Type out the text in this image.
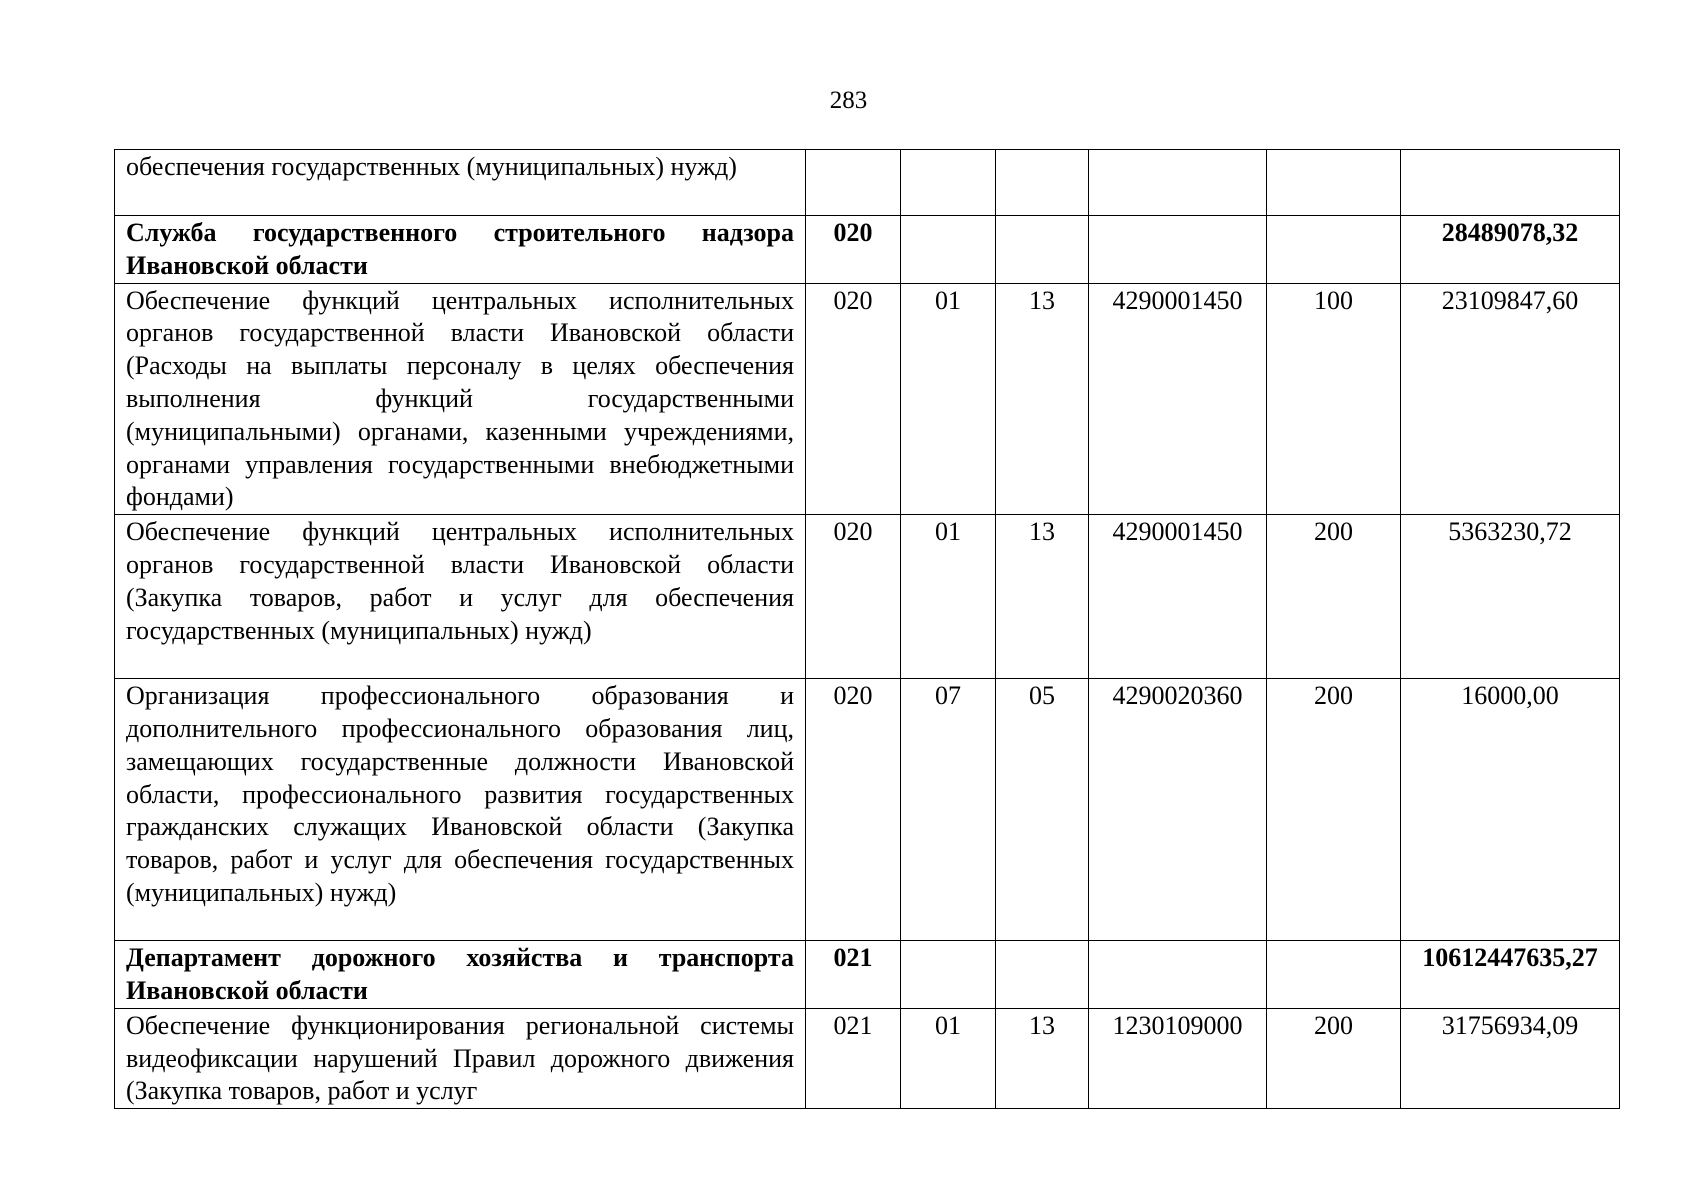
283
обеспечения государственных (муниципальных) нужд)						
Служба государственного строительного надзора Ивановской области	020					28489078,32
Обеспечение функций центральных исполнительных органов государственной власти Ивановской области (Расходы на выплаты персоналу в целях обеспечения выполнения функций государственными (муниципальными) органами, казенными учреждениями, органами управления государственными внебюджетными фондами)	020	01	13	4290001450	100	23109847,60
Обеспечение функций центральных исполнительных органов государственной власти Ивановской области (Закупка товаров, работ и услуг для обеспечения государственных (муниципальных) нужд)	020	01	13	4290001450	200	5363230,72
Организация профессионального образования и дополнительного профессионального образования лиц, замещающих государственные должности Ивановской области, профессионального развития государственных гражданских служащих Ивановской области (Закупка товаров, работ и услуг для обеспечения государственных (муниципальных) нужд)	020	07	05	4290020360	200	16000,00
Департамент дорожного хозяйства и транспорта Ивановской области	021					10612447635,27
Обеспечение функционирования региональной системы видеофиксации нарушений Правил дорожного движения (Закупка товаров, работ и услуг	021	01	13	1230109000	200	31756934,09
